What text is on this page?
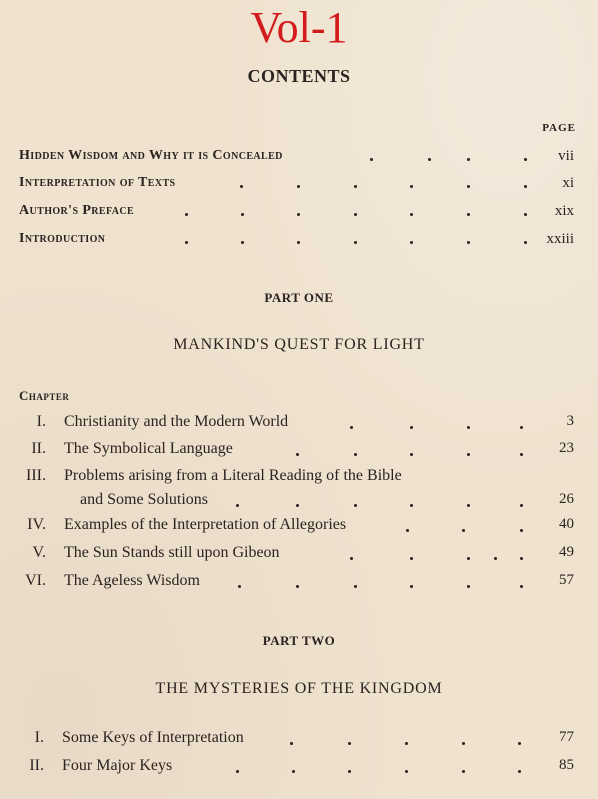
Vol-1
CONTENTS
PAGE
Hidden Wisdom and Why it is Concealed	vii
Interpretation of Texts	xi
Author's Preface	xix
Introduction	xxiii
PART ONE
MANKIND'S QUEST FOR LIGHT
Chapter
I. Christianity and the Modern World	3
II. The Symbolical Language	23
III. Problems arising from a Literal Reading of the Bible
and Some Solutions	26
IV. Examples of the Interpretation of Allegories	40
V. The Sun Stands still upon Gibeon	49
VI. The Ageless Wisdom	57
PART TWO
THE MYSTERIES OF THE KINGDOM
I. Some Keys of Interpretation	77
II. Four Major Keys	85
